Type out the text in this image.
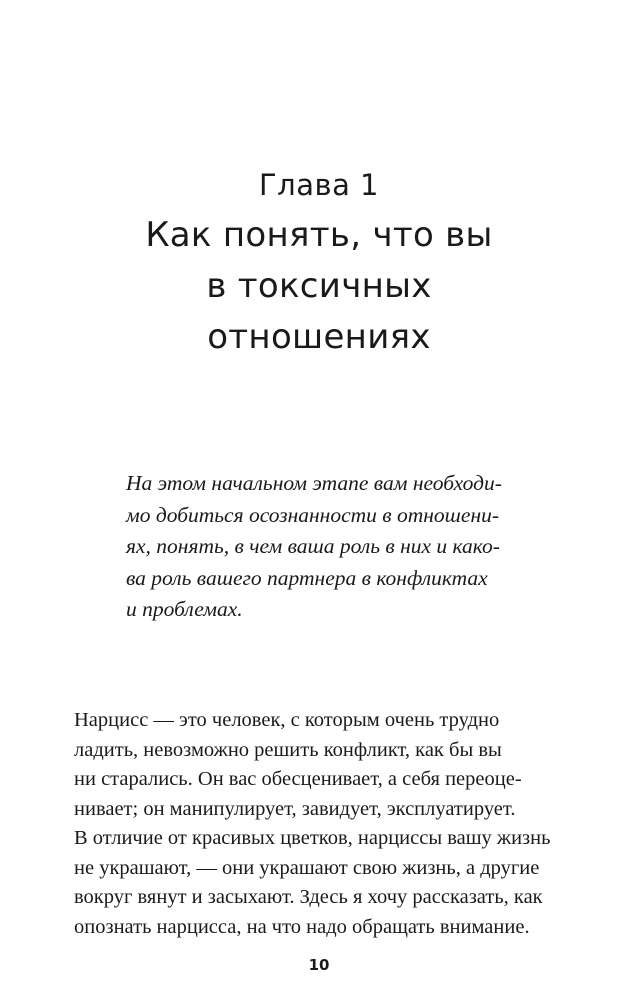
Глава 1
Как понять, что вы
в токсичных
отношениях
На этом начальном этапе вам необходи-
мо добиться осознанности в отношени-
ях, понять, в чем ваша роль в них и како-
ва роль вашего партнера в конфликтах
и проблемах.
Нарцисс — это человек, с которым очень трудно
ладить, невозможно решить конфликт, как бы вы
ни старались. Он вас обесценивает, а себя переоце-
нивает; он манипулирует, завидует, эксплуатирует.
В отличие от красивых цветков, нарциссы вашу жизнь
не украшают, — они украшают свою жизнь, а другие
вокруг вянут и засыхают. Здесь я хочу рассказать, как
опознать нарцисса, на что надо обращать внимание.
10
